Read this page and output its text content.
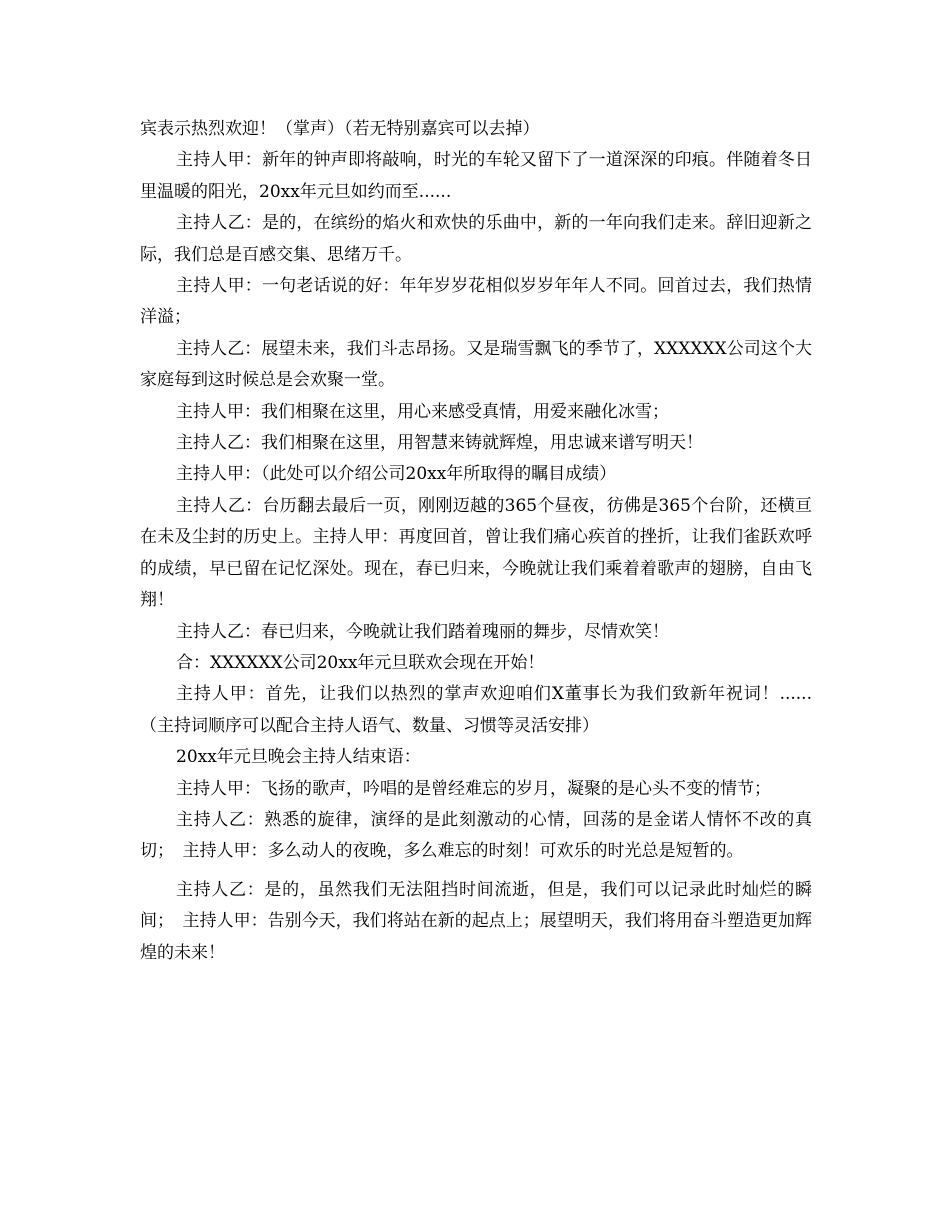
宾表示热烈欢迎！（掌声）（若无特别嘉宾可以去掉）

主持人甲：新年的钟声即将敲响，时光的车轮又留下了一道深深的印痕。伴随着冬日里温暖的阳光，20xx年元旦如约而至......

主持人乙：是的，在缤纷的焰火和欢快的乐曲中，新的一年向我们走来。辞旧迎新之际，我们总是百感交集、思绪万千。

主持人甲：一句老话说的好：年年岁岁花相似岁岁年年人不同。回首过去，我们热情洋溢；

主持人乙：展望未来，我们斗志昂扬。又是瑞雪飘飞的季节了，XXXXXX公司这个大家庭每到这时候总是会欢聚一堂。

主持人甲：我们相聚在这里，用心来感受真情，用爱来融化冰雪；

主持人乙：我们相聚在这里，用智慧来铸就辉煌，用忠诚来谱写明天！

主持人甲：（此处可以介绍公司20xx年所取得的瞩目成绩）

主持人乙：台历翻去最后一页，刚刚迈越的365个昼夜，彷佛是365个台阶，还横亘在未及尘封的历史上。主持人甲：再度回首，曾让我们痛心疾首的挫折，让我们雀跃欢呼的成绩，早已留在记忆深处。现在，春已归来，今晚就让我们乘着着歌声的翅膀，自由飞翔！

主持人乙：春已归来，今晚就让我们踏着瑰丽的舞步，尽情欢笑！

合：XXXXXX公司20xx年元旦联欢会现在开始！

主持人甲：首先，让我们以热烈的掌声欢迎咱们X董事长为我们致新年祝词！......（主持词顺序可以配合主持人语气、数量、习惯等灵活安排）

20xx年元旦晚会主持人结束语：

主持人甲：飞扬的歌声，吟唱的是曾经难忘的岁月，凝聚的是心头不变的情节；

主持人乙：熟悉的旋律，演绎的是此刻激动的心情，回荡的是金诺人情怀不改的真切；　主持人甲：多么动人的夜晚，多么难忘的时刻！可欢乐的时光总是短暂的。

主持人乙：是的，虽然我们无法阻挡时间流逝，但是，我们可以记录此时灿烂的瞬间；　主持人甲：告别今天，我们将站在新的起点上；展望明天，我们将用奋斗塑造更加辉煌的未来！
